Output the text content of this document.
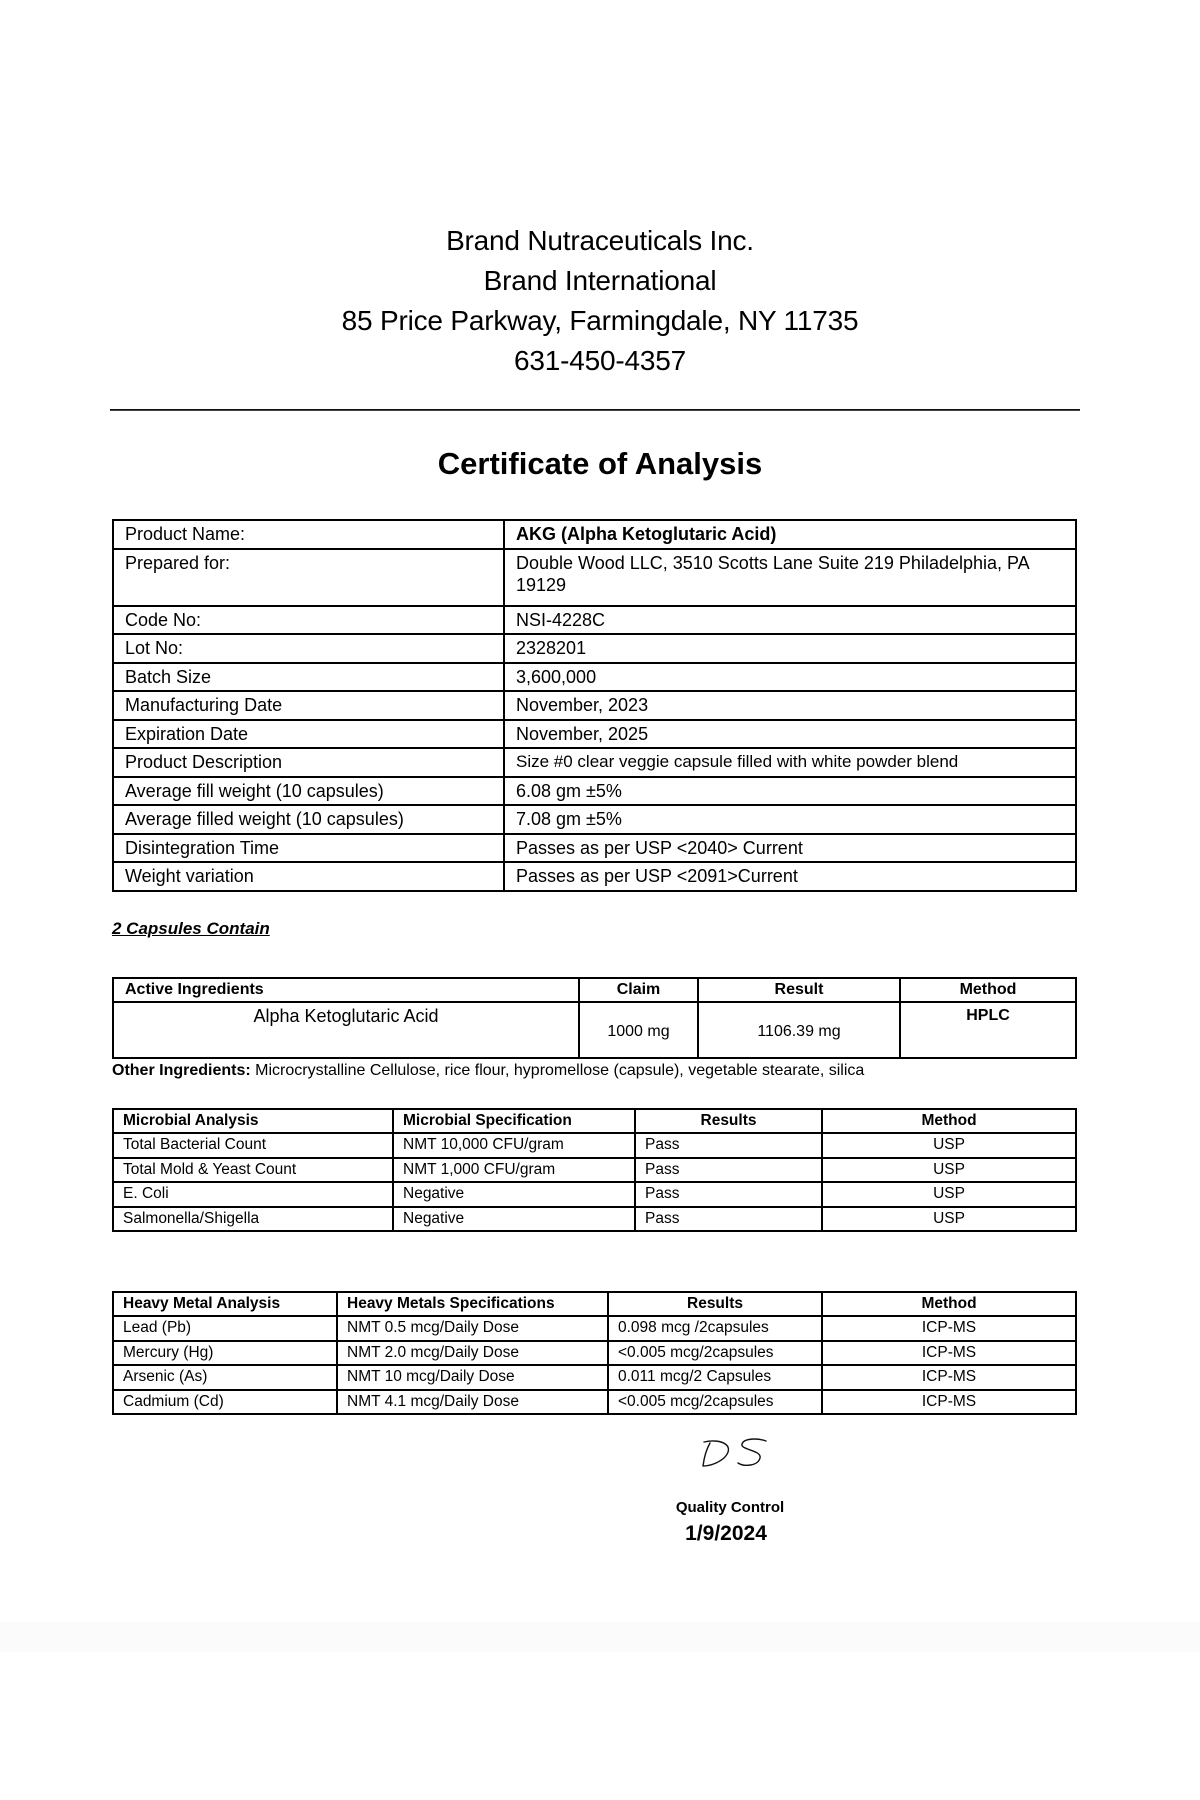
Brand Nutraceuticals Inc.
Brand International
85 Price Parkway, Farmingdale, NY 11735
631-450-4357
Certificate of Analysis
Product Name:	AKG (Alpha Ketoglutaric Acid)
Prepared for:	Double Wood LLC, 3510 Scotts Lane Suite 219 Philadelphia, PA 19129
Code No:	NSI-4228C
Lot No:	2328201
Batch Size	3,600,000
Manufacturing Date	November, 2023
Expiration Date	November, 2025
Product Description	Size #0 clear veggie capsule filled with white powder blend
Average fill weight (10 capsules)	6.08 gm ±5%
Average filled weight (10 capsules)	7.08 gm ±5%
Disintegration Time	Passes as per USP <2040> Current
Weight variation	Passes as per USP <2091>Current
2 Capsules Contain
Active Ingredients	Claim	Result	Method
Alpha Ketoglutaric Acid	1000 mg	1106.39 mg	HPLC
Other Ingredients: Microcrystalline Cellulose, rice flour, hypromellose (capsule), vegetable stearate, silica
Microbial Analysis	Microbial Specification	Results	Method
Total Bacterial Count	NMT 10,000 CFU/gram	Pass	USP
Total Mold & Yeast Count	NMT 1,000 CFU/gram	Pass	USP
E. Coli	Negative	Pass	USP
Salmonella/Shigella	Negative	Pass	USP
Heavy Metal Analysis	Heavy Metals Specifications	Results	Method
Lead (Pb)	NMT 0.5 mcg/Daily Dose	0.098 mcg /2capsules	ICP-MS
Mercury (Hg)	NMT 2.0 mcg/Daily Dose	<0.005 mcg/2capsules	ICP-MS
Arsenic (As)	NMT 10 mcg/Daily Dose	0.011 mcg/2 Capsules	ICP-MS
Cadmium (Cd)	NMT 4.1 mcg/Daily Dose	<0.005 mcg/2capsules	ICP-MS
Quality Control
1/9/2024
